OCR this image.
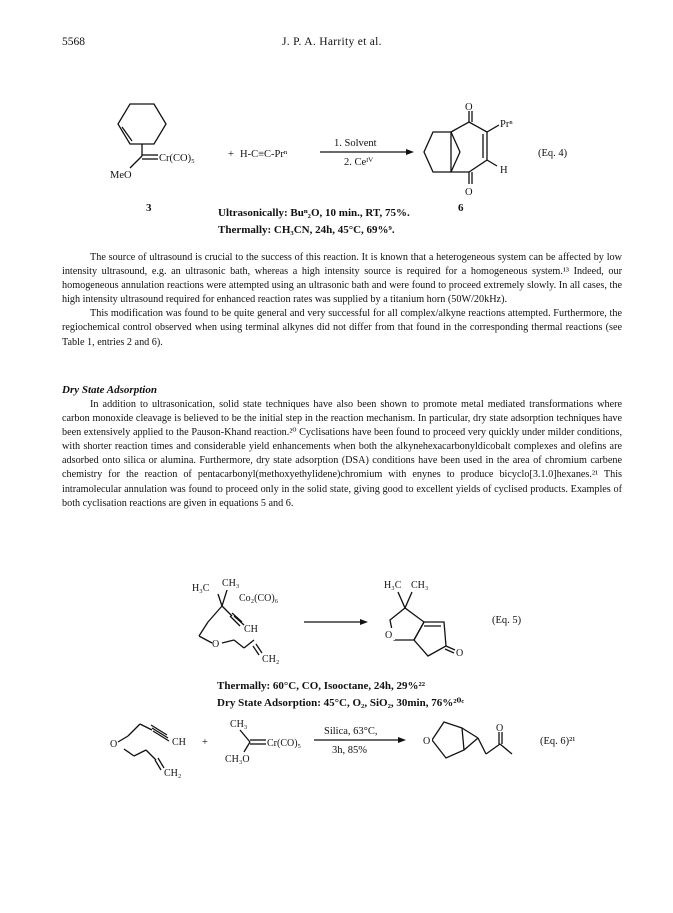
5568	J. P. A. Harrity et al.
Cr(CO)₅
MeO
3
+ H-C≡C-Prⁿ
1. Solvent
2. Ceᴵⱽ
O
O
Prⁿ
H
6
(Eq. 4)
Ultrasonically: Buⁿ₂O, 10 min., RT, 75%.
Thermally: CH₃CN, 24h, 45°C, 69%⁹.

The source of ultrasound is crucial to the success of this reaction. It is known that a heterogeneous system can be affected by low intensity ultrasound, e.g. an ultrasonic bath, whereas a high intensity source is required for a homogeneous system.¹³ Indeed, our homogeneous annulation reactions were attempted using an ultrasonic bath and were found to proceed extremely slowly. In all cases, the high intensity ultrasound required for enhanced reaction rates was supplied by a titanium horn (50W/20kHz).

This modification was found to be quite general and very successful for all complex/alkyne reactions attempted. Furthermore, the regiochemical control observed when using terminal alkynes did not differ from that found in the corresponding thermal reactions (see Table 1, entries 2 and 6).

Dry State Adsorption

In addition to ultrasonication, solid state techniques have also been shown to promote metal mediated transformations where carbon monoxide cleavage is believed to be the initial step in the reaction mechanism. In particular, dry state adsorption techniques have been extensively applied to the Pauson-Khand reaction.²⁰ Cyclisations have been found to proceed very quickly under milder conditions, with shorter reaction times and considerable yield enhancements when both the alkynehexacarbonyldicobalt complexes and olefins are adsorbed onto silica or alumina. Furthermore, dry state adsorption (DSA) conditions have been used in the area of chromium carbene chemistry for the reaction of pentacarbonyl(methoxyethylidene)chromium with enynes to produce bicyclo[3.1.0]hexanes.²¹ This intramolecular annulation was found to proceed only in the solid state, giving good to excellent yields of cyclised products. Examples of both cyclisation reactions are given in equations 5 and 6.

H₃C CH₃
Co₂(CO)₆
CH
O
CH₂
H₃C CH₃
O
O
(Eq. 5)
O	CH
CH₂
+
CH₃
CH₃O
Cr(CO)₅
Silica, 63°C,
3h, 85%
O
O
(Eq. 6)²¹
Thermally: 60°C, CO, Isooctane, 24h, 29%²²
Dry State Adsorption: 45°C, O₂, SiO₂, 30min, 76%²⁰ᶜ
